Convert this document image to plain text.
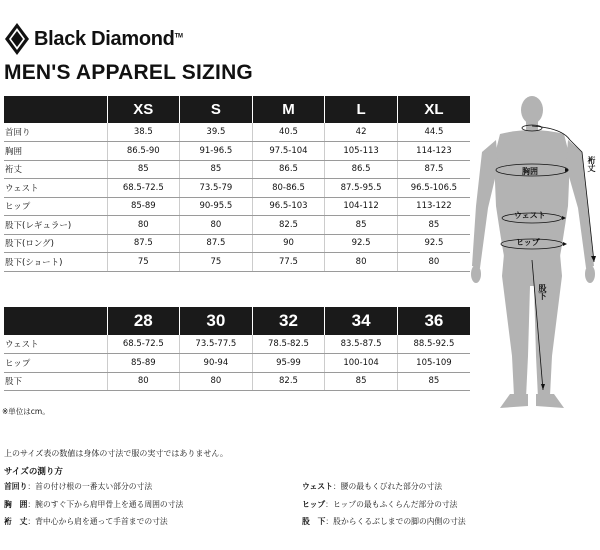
Black Diamond™
MEN'S APPAREL SIZING
	XS	S	M	L	XL
首回り	38.5	39.5	40.5	42	44.5
胸囲	86.5-90	91-96.5	97.5-104	105-113	114-123
裄丈	85	85	86.5	86.5	87.5
ウェスト	68.5-72.5	73.5-79	80-86.5	87.5-95.5	96.5-106.5
ヒップ	85-89	90-95.5	96.5-103	104-112	113-122
股下(レギュラー)	80	80	82.5	85	85
股下(ロング)	87.5	87.5	90	92.5	92.5
股下(ショート)	75	75	77.5	80	80
	28	30	32	34	36
ウェスト	68.5-72.5	73.5-77.5	78.5-82.5	83.5-87.5	88.5-92.5
ヒップ	85-89	90-94	95-99	100-104	105-109
股下	80	80	82.5	85	85
※単位はcm。
上のサイズ表の数値は身体の寸法で服の実寸ではありません。
サイズの測り方
首回り：首の付け根の一番太い部分の寸法
胸　囲：腕のすぐ下から肩甲骨上を通る周囲の寸法
裄　丈：背中心から肩を通って手首までの寸法
ウェスト：腰の最もくびれた部分の寸法
ヒップ：ヒップの最もふくらんだ部分の寸法
股　下：股からくるぶしまでの脚の内側の寸法
胸囲	裄丈
ウェスト
ヒップ
股下
